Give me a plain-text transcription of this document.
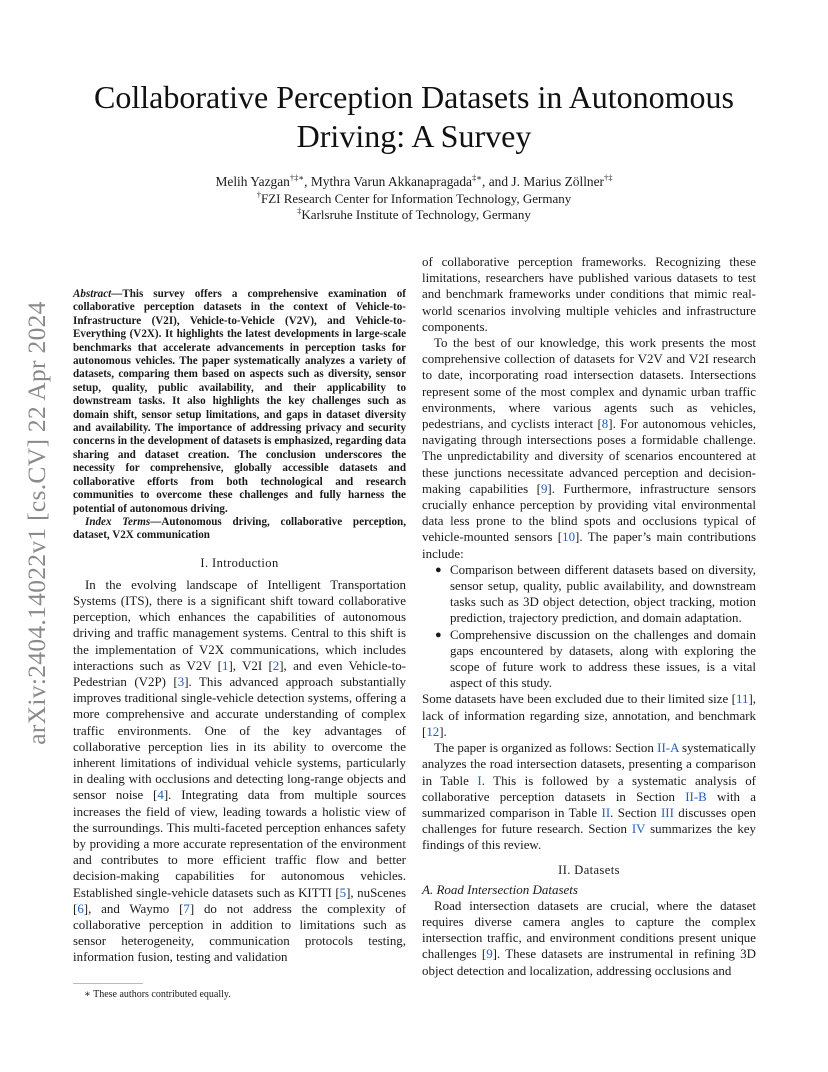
arXiv:2404.14022v1 [cs.CV] 22 Apr 2024
Collaborative Perception Datasets in Autonomous
Driving: A Survey
Melih Yazgan†‡∗, Mythra Varun Akkanapragada‡∗, and J. Marius Zöllner†‡
†FZI Research Center for Information Technology, Germany
‡Karlsruhe Institute of Technology, Germany

Abstract—This survey offers a comprehensive examination of collaborative perception datasets in the context of Vehicle-to-Infrastructure (V2I), Vehicle-to-Vehicle (V2V), and Vehicle-to-Everything (V2X). It highlights the latest developments in large-scale benchmarks that accelerate advancements in perception tasks for autonomous vehicles. The paper systematically analyzes a variety of datasets, comparing them based on aspects such as diversity, sensor setup, quality, public availability, and their applicability to downstream tasks. It also highlights the key challenges such as domain shift, sensor setup limitations, and gaps in dataset diversity and availability. The importance of addressing privacy and security concerns in the development of datasets is emphasized, regarding data sharing and dataset creation. The conclusion underscores the necessity for comprehensive, globally accessible datasets and collaborative efforts from both technological and research communities to overcome these challenges and fully harness the potential of autonomous driving.

Index Terms—Autonomous driving, collaborative perception, dataset, V2X communication

I. Introduction

In the evolving landscape of Intelligent Transportation Systems (ITS), there is a significant shift toward collaborative perception, which enhances the capabilities of autonomous driving and traffic management systems. Central to this shift is the implementation of V2X communications, which includes interactions such as V2V [1], V2I [2], and even Vehicle-to-Pedestrian (V2P) [3]. This advanced approach substantially improves traditional single-vehicle detection systems, offering a more comprehensive and accurate understanding of complex traffic environments. One of the key advantages of collaborative perception lies in its ability to overcome the inherent limitations of individual vehicle systems, particularly in dealing with occlusions and detecting long-range objects and sensor noise [4]. Integrating data from multiple sources increases the field of view, leading towards a holistic view of the surroundings. This multi-faceted perception enhances safety by providing a more accurate representation of the environment and contributes to more efficient traffic flow and better decision-making capabilities for autonomous vehicles. Established single-vehicle datasets such as KITTI [5], nuScenes [6], and Waymo [7] do not address the complexity of collaborative perception in addition to limitations such as sensor heterogeneity, communication protocols testing, information fusion, testing and validation

∗ These authors contributed equally.

of collaborative perception frameworks. Recognizing these limitations, researchers have published various datasets to test and benchmark frameworks under conditions that mimic real-world scenarios involving multiple vehicles and infrastructure components.

To the best of our knowledge, this work presents the most comprehensive collection of datasets for V2V and V2I research to date, incorporating road intersection datasets. Intersections represent some of the most complex and dynamic urban traffic environments, where various agents such as vehicles, pedestrians, and cyclists interact [8]. For autonomous vehicles, navigating through intersections poses a formidable challenge. The unpredictability and diversity of scenarios encountered at these junctions necessitate advanced perception and decision-making capabilities [9]. Furthermore, infrastructure sensors crucially enhance perception by providing vital environmental data less prone to the blind spots and occlusions typical of vehicle-mounted sensors [10]. The paper’s main contributions include:

● Comparison between different datasets based on diversity, sensor setup, quality, public availability, and downstream tasks such as 3D object detection, object tracking, motion prediction, trajectory prediction, and domain adaptation.
● Comprehensive discussion on the challenges and domain gaps encountered by datasets, along with exploring the scope of future work to address these issues, is a vital aspect of this study.

Some datasets have been excluded due to their limited size [11], lack of information regarding size, annotation, and benchmark [12].

The paper is organized as follows: Section II-A systematically analyzes the road intersection datasets, presenting a comparison in Table I. This is followed by a systematic analysis of collaborative perception datasets in Section II-B with a summarized comparison in Table II. Section III discusses open challenges for future research. Section IV summarizes the key findings of this review.

II. Datasets

A. Road Intersection Datasets

Road intersection datasets are crucial, where the dataset requires diverse camera angles to capture the complex intersection traffic, and environment conditions present unique challenges [9]. These datasets are instrumental in refining 3D object detection and localization, addressing occlusions and
